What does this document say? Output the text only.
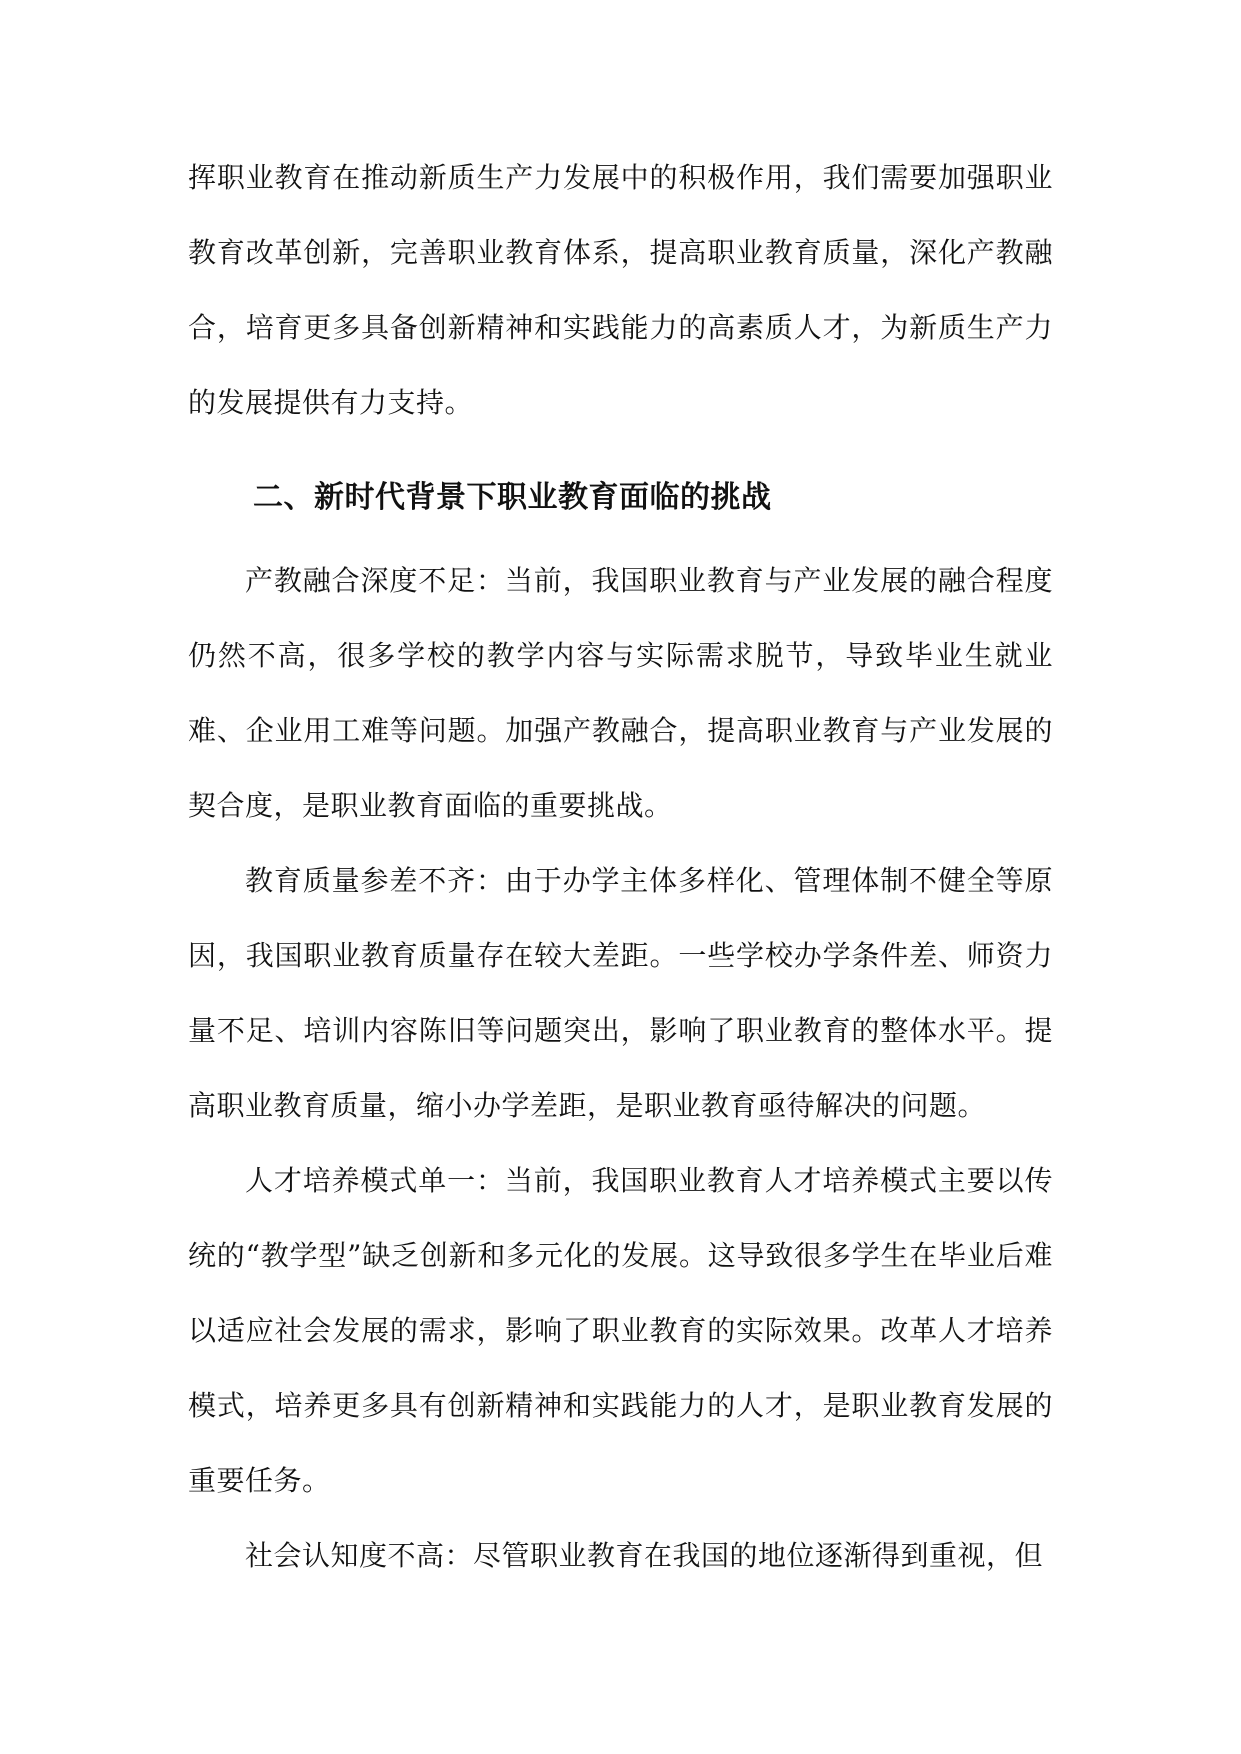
挥职业教育在推动新质生产力发展中的积极作用，我们需要加强职业教育改革创新，完善职业教育体系，提高职业教育质量，深化产教融合，培育更多具备创新精神和实践能力的高素质人才，为新质生产力的发展提供有力支持。

二、新时代背景下职业教育面临的挑战

产教融合深度不足：当前，我国职业教育与产业发展的融合程度仍然不高，很多学校的教学内容与实际需求脱节，导致毕业生就业难、企业用工难等问题。加强产教融合，提高职业教育与产业发展的契合度，是职业教育面临的重要挑战。

教育质量参差不齐：由于办学主体多样化、管理体制不健全等原因，我国职业教育质量存在较大差距。一些学校办学条件差、师资力量不足、培训内容陈旧等问题突出，影响了职业教育的整体水平。提高职业教育质量，缩小办学差距，是职业教育亟待解决的问题。

人才培养模式单一：当前，我国职业教育人才培养模式主要以传统的“教学型”缺乏创新和多元化的发展。这导致很多学生在毕业后难以适应社会发展的需求，影响了职业教育的实际效果。改革人才培养模式，培养更多具有创新精神和实践能力的人才，是职业教育发展的重要任务。

社会认知度不高：尽管职业教育在我国的地位逐渐得到重视，但
